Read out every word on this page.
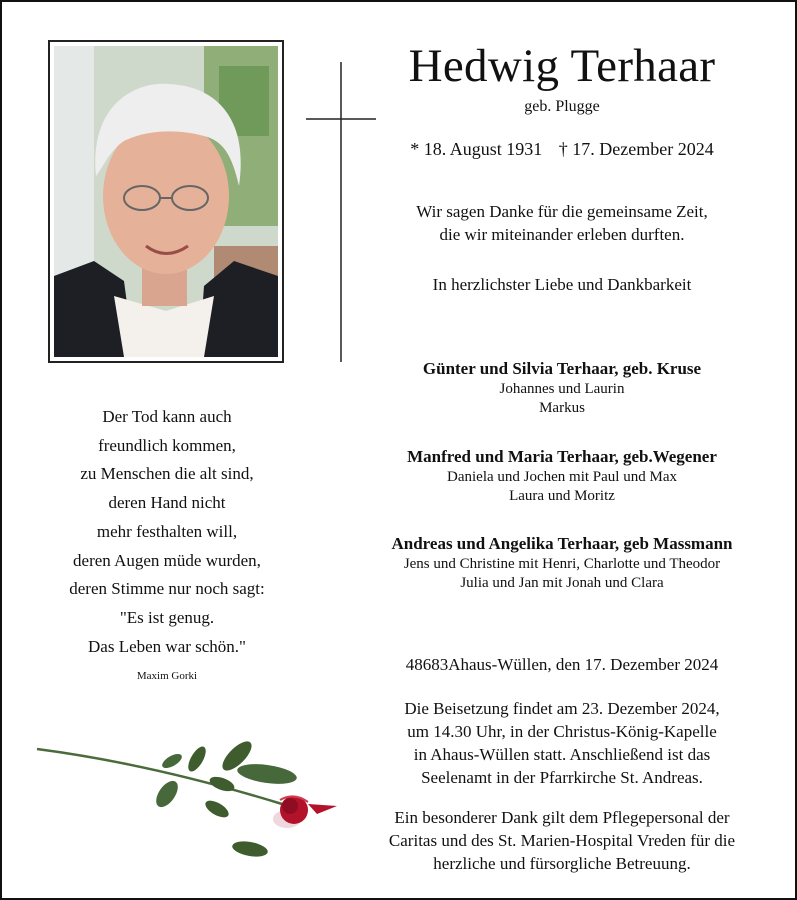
Hedwig Terhaar
geb. Plugge
* 18. August 1931 † 17. Dezember 2024
Wir sagen Danke für die gemeinsame Zeit,
die wir miteinander erleben durften.
In herzlichster Liebe und Dankbarkeit
Günter und Silvia Terhaar, geb. Kruse
Johannes und Laurin
Markus
Manfred und Maria Terhaar, geb.Wegener
Daniela und Jochen mit Paul und Max
Laura und Moritz
Andreas und Angelika Terhaar, geb Massmann
Jens und Christine mit Henri, Charlotte und Theodor
Julia und Jan mit Jonah und Clara
Der Tod kann auch
freundlich kommen,
zu Menschen die alt sind,
deren Hand nicht
mehr festhalten will,
deren Augen müde wurden,
deren Stimme nur noch sagt:
"Es ist genug.
Das Leben war schön."
Maxim Gorki
48683Ahaus-Wüllen, den 17. Dezember 2024
Die Beisetzung findet am 23. Dezember 2024,
um 14.30 Uhr, in der Christus-König-Kapelle
in Ahaus-Wüllen statt. Anschließend ist das
Seelenamt in der Pfarrkirche St. Andreas.
Ein besonderer Dank gilt dem Pflegepersonal der
Caritas und des St. Marien-Hospital Vreden für die
herzliche und fürsorgliche Betreuung.
